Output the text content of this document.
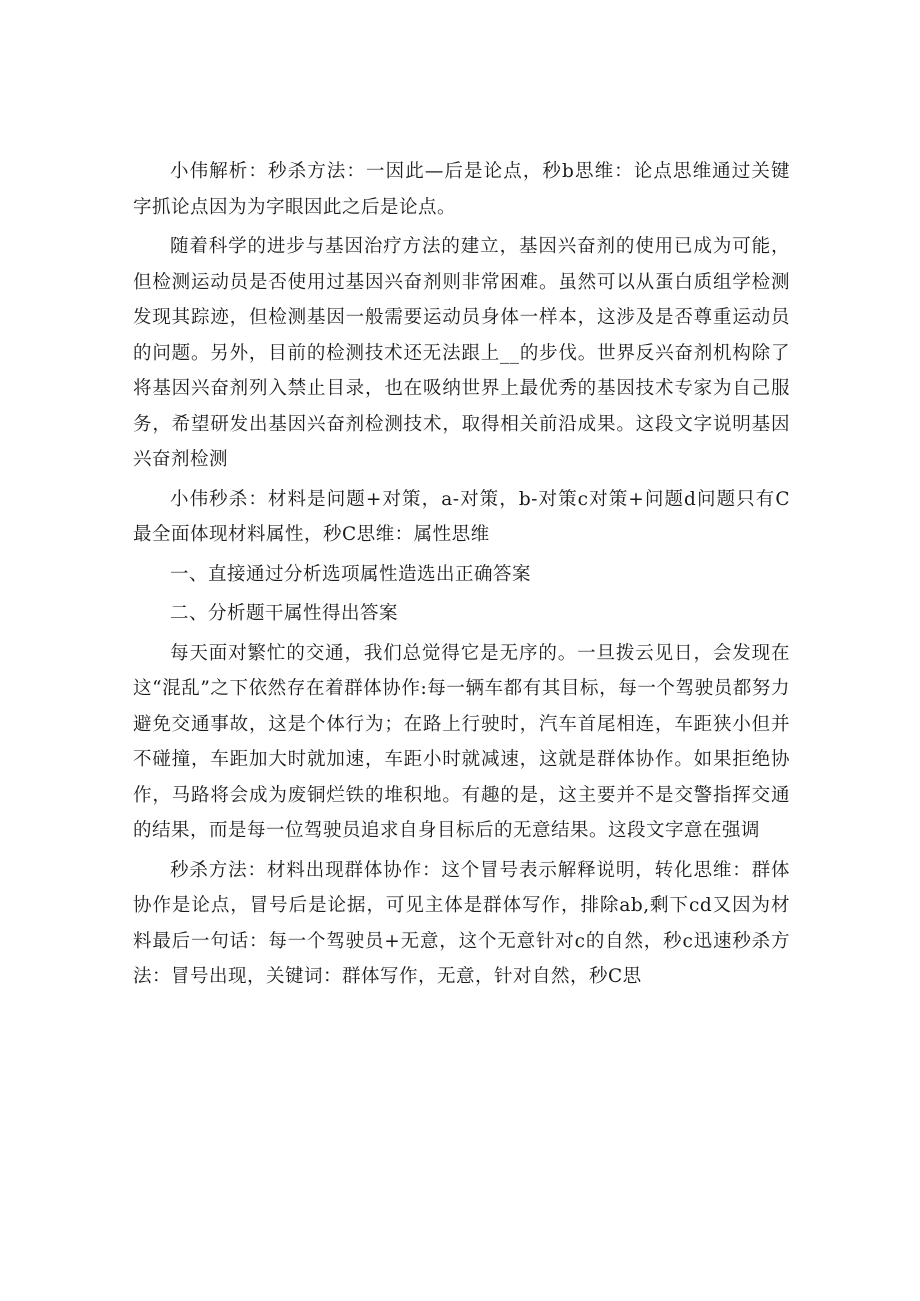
小伟解析：秒杀方法：一因此—后是论点，秒b思维：论点思维通过关键字抓论点因为为字眼因此之后是论点。

随着科学的进步与基因治疗方法的建立，基因兴奋剂的使用已成为可能，但检测运动员是否使用过基因兴奋剂则非常困难。虽然可以从蛋白质组学检测发现其踪迹，但检测基因一般需要运动员身体一样本，这涉及是否尊重运动员的问题。另外，目前的检测技术还无法跟上__的步伐。世界反兴奋剂机构除了将基因兴奋剂列入禁止目录，也在吸纳世界上最优秀的基因技术专家为自己服务，希望研发出基因兴奋剂检测技术，取得相关前沿成果。这段文字说明基因兴奋剂检测

小伟秒杀：材料是问题+对策，a-对策，b-对策c对策+问题d问题只有C最全面体现材料属性，秒C思维：属性思维

一、直接通过分析选项属性造选出正确答案

二、分析题干属性得出答案

每天面对繁忙的交通，我们总觉得它是无序的。一旦拨云见日，会发现在这“混乱”之下依然存在着群体协作:每一辆车都有其目标，每一个驾驶员都努力避免交通事故，这是个体行为；在路上行驶时，汽车首尾相连，车距狭小但并不碰撞，车距加大时就加速，车距小时就减速，这就是群体协作。如果拒绝协作，马路将会成为废铜烂铁的堆积地。有趣的是，这主要并不是交警指挥交通的结果，而是每一位驾驶员追求自身目标后的无意结果。这段文字意在强调

秒杀方法：材料出现群体协作：这个冒号表示解释说明，转化思维：群体协作是论点，冒号后是论据，可见主体是群体写作，排除ab,剩下cd又因为材料最后一句话：每一个驾驶员+无意，这个无意针对c的自然，秒c迅速秒杀方法：冒号出现，关键词：群体写作，无意，针对自然，秒C思
